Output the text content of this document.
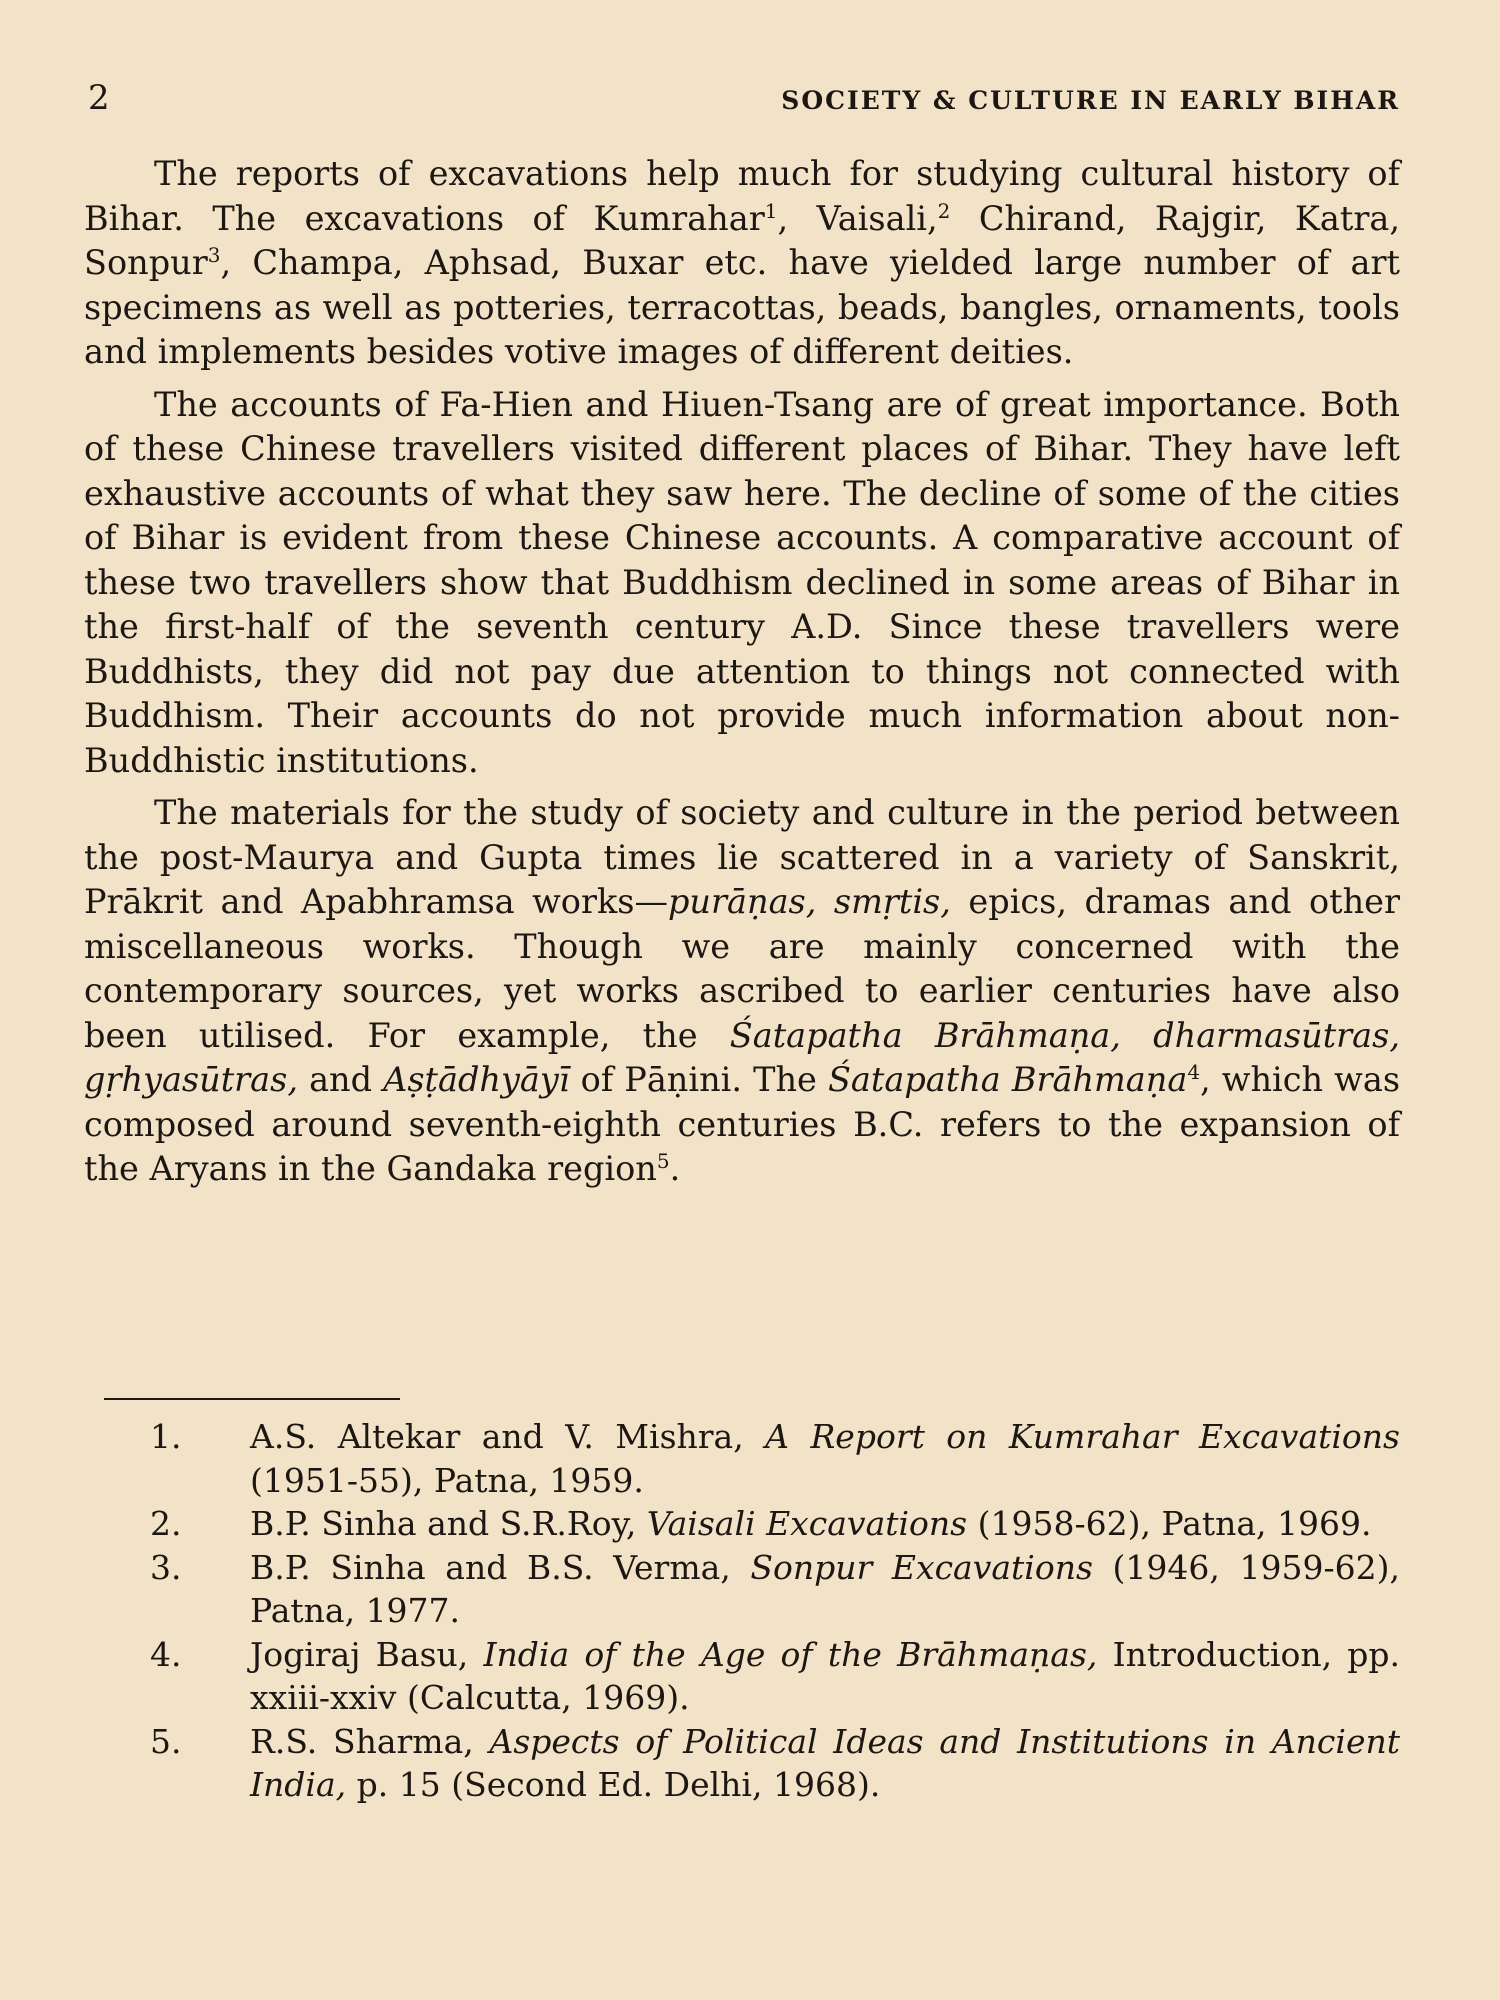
2	SOCIETY & CULTURE IN EARLY BIHAR

The reports of excavations help much for studying cultural history of Bihar. The excavations of Kumrahar$^1$, Vaisali,$^2$ Chirand, Rajgir, Katra, Sonpur$^3$, Champa, Aphsad, Buxar etc. have yielded large number of art specimens as well as potteries, terracottas, beads, bangles, ornaments, tools and implements besides votive images of different deities.

The accounts of Fa-Hien and Hiuen-Tsang are of great importance. Both of these Chinese travellers visited different places of Bihar. They have left exhaustive accounts of what they saw here. The decline of some of the cities of Bihar is evident from these Chinese accounts. A comparative account of these two travellers show that Buddhism declined in some areas of Bihar in the first-half of the seventh century A.D. Since these travellers were Buddhists, they did not pay due attention to things not connected with Buddhism. Their accounts do not provide much information about non-Buddhistic institutions.

The materials for the study of society and culture in the period between the post-Maurya and Gupta times lie scattered in a variety of Sanskrit, Prākrit and Apabhramsa works—purāṇas, smṛtis, epics, dramas and other miscellaneous works. Though we are mainly concerned with the contemporary sources, yet works ascribed to earlier centuries have also been utilised. For example, the Śatapatha Brāhmaṇa, dharmasūtras, gṛhyasūtras, and Aṣṭādhyāyī of Pāṇini. The Śatapatha Brāhmaṇa$^4$, which was composed around seventh-eighth centuries B.C. refers to the expansion of the Aryans in the Gandaka region$^5$.

1.	A.S. Altekar and V. Mishra, A Report on Kumrahar Excavations (1951-55), Patna, 1959.
2.	B.P. Sinha and S.R.Roy, Vaisali Excavations (1958-62), Patna, 1969.
3.	B.P. Sinha and B.S. Verma, Sonpur Excavations (1946, 1959-62), Patna, 1977.
4.	Jogiraj Basu, India of the Age of the Brāhmaṇas, Introduction, pp. xxiii-xxiv (Calcutta, 1969).
5.	R.S. Sharma, Aspects of Political Ideas and Institutions in Ancient India, p. 15 (Second Ed. Delhi, 1968).
